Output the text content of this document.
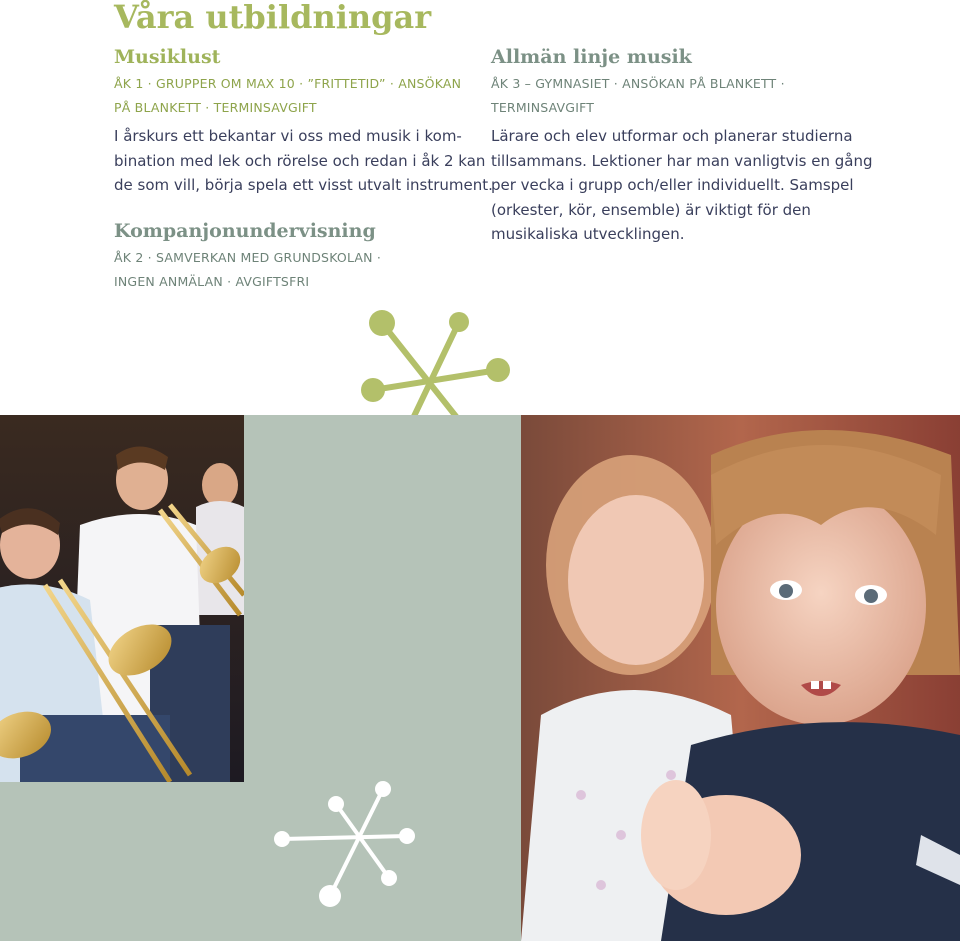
Våra utbildningar
Musiklust

ÅK 1 · GRUPPER OM MAX 10 · ”FRITTETID” · ANSÖKAN
PÅ BLANKETT · TERMINSAVGIFT

I årskurs ett bekantar vi oss med musik i kom-
bination med lek och rörelse och redan i åk 2 kan
de som vill, börja spela ett visst utvalt instrument.

Kompanjonundervisning

ÅK 2 · SAMVERKAN MED GRUNDSKOLAN ·
INGEN ANMÄLAN · AVGIFTSFRI

Allmän linje musik

ÅK 3 – GYMNASIET · ANSÖKAN PÅ BLANKETT ·
TERMINSAVGIFT

Lärare och elev utformar och planerar studierna
tillsammans. Lektioner har man vanligtvis en gång
per vecka i grupp och/eller individuellt. Samspel
(orkester, kör, ensemble) är viktigt för den
musikaliska utvecklingen.
